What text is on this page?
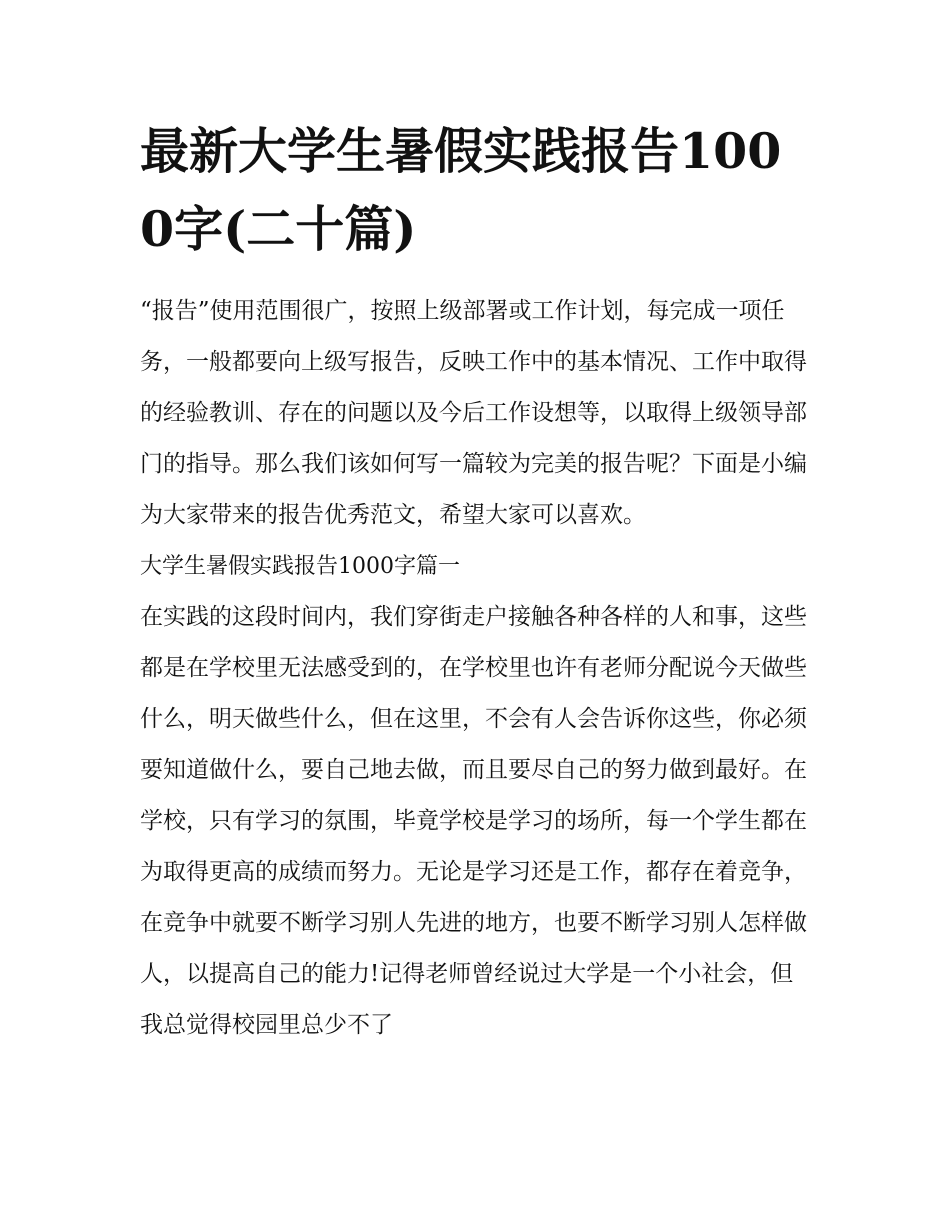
最新大学生暑假实践报告1000字(二十篇)

“报告”使用范围很广，按照上级部署或工作计划，每完成一项任务，一般都要向上级写报告，反映工作中的基本情况、工作中取得的经验教训、存在的问题以及今后工作设想等，以取得上级领导部门的指导。那么我们该如何写一篇较为完美的报告呢？下面是小编为大家带来的报告优秀范文，希望大家可以喜欢。

大学生暑假实践报告1000字篇一

在实践的这段时间内，我们穿街走户接触各种各样的人和事，这些都是在学校里无法感受到的，在学校里也许有老师分配说今天做些什么，明天做些什么，但在这里，不会有人会告诉你这些，你必须要知道做什么，要自己地去做，而且要尽自己的努力做到最好。在学校，只有学习的氛围，毕竟学校是学习的场所，每一个学生都在为取得更高的成绩而努力。无论是学习还是工作，都存在着竞争，在竞争中就要不断学习别人先进的地方，也要不断学习别人怎样做人，以提高自己的能力!记得老师曾经说过大学是一个小社会，但我总觉得校园里总少不了
